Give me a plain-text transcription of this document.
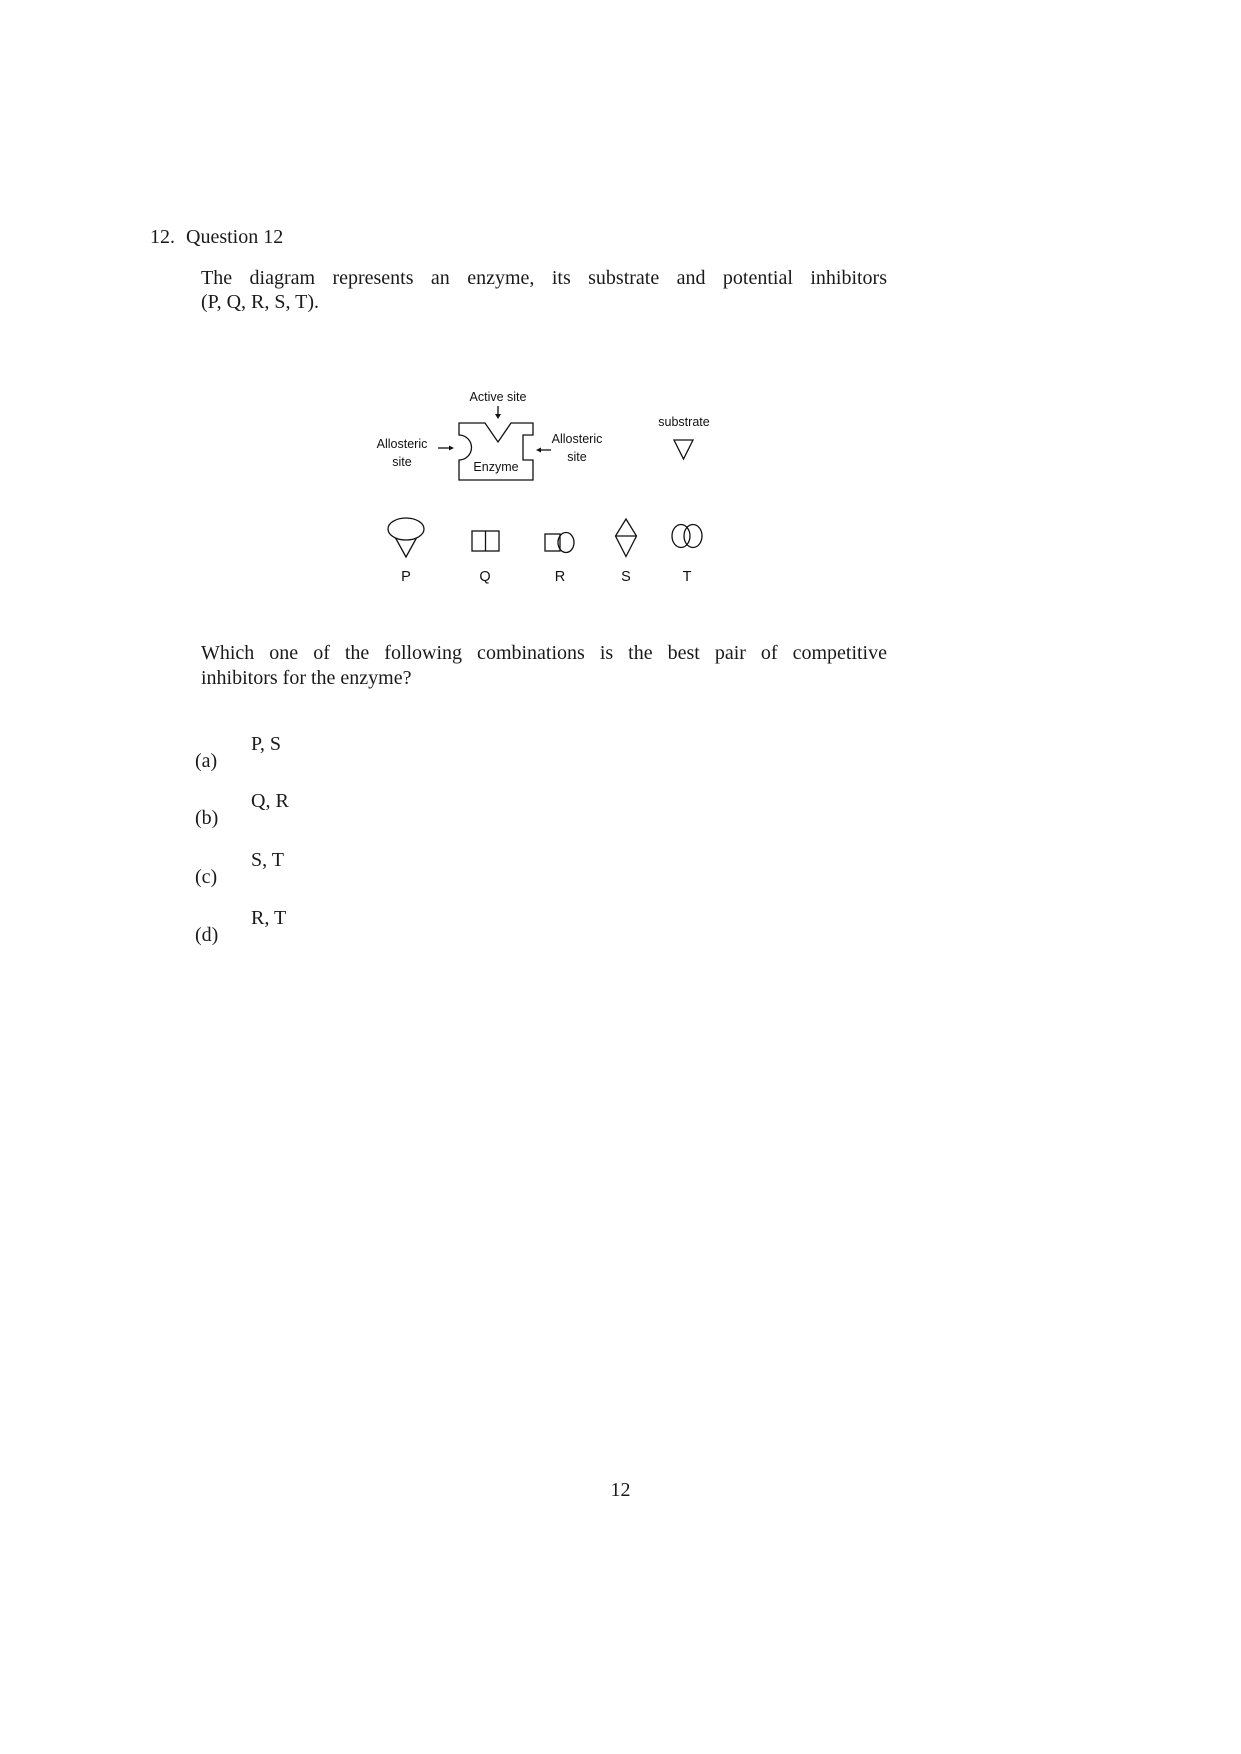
12. Question 12
The diagram represents an enzyme, its substrate and potential inhibitors
(P, Q, R, S, T).
Active site
Enzyme
Allosteric
site
Allosteric
site
substrate
P	Q	R	S	T
Which one of the following combinations is the best pair of competitive
inhibitors for the enzyme?
(a)
P, S
(b)
Q, R
(c)
S, T
(d)
R, T
12
